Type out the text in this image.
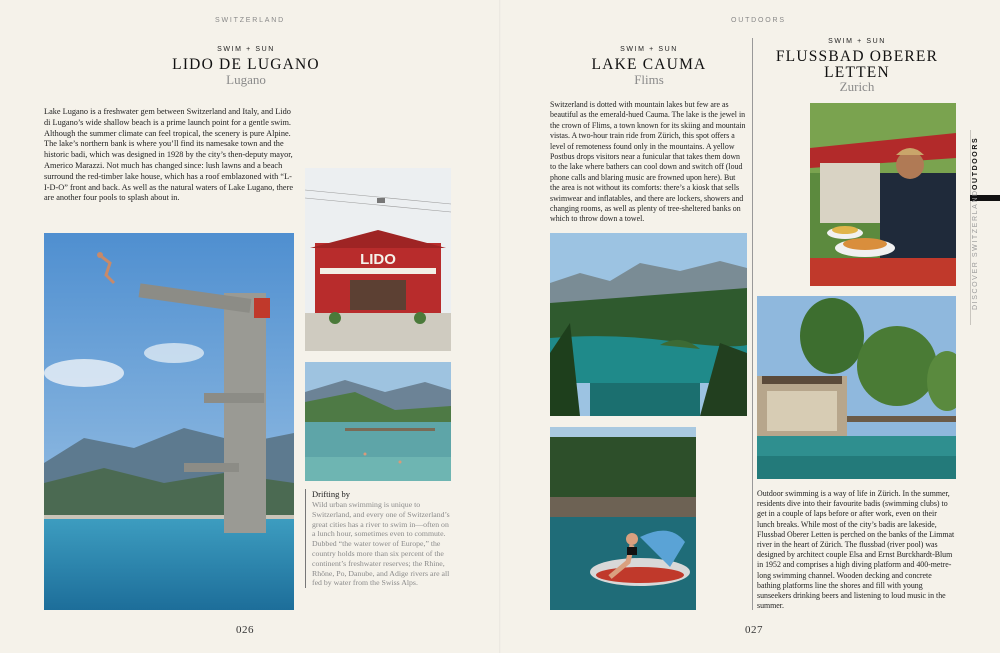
SWITZERLAND
SWIM + SUN
LIDO DE LUGANO
Lugano
Lake Lugano is a freshwater gem between Switzerland and Italy, and Lido di Lugano’s wide shallow beach is a prime launch point for a gentle swim. Although the summer climate can feel tropical, the scenery is pure Alpine. The lake’s northern bank is where you’ll find its namesake town and the historic badi, which was designed in 1928 by the city’s then-deputy mayor, Americo Marazzi. Not much has changed since: lush lawns and a beach surround the red-timber lake house, which has a roof emblazoned with “L-I-D-O” front and back. As well as the natural waters of Lake Lugano, there are another four pools to splash about in.
LIDO
Drifting by
Wild urban swimming is unique to Switzerland, and every one of Switzerland’s great cities has a river to swim in—often on a lunch hour, sometimes even to commute. Dubbed “the water tower of Europe,” the country holds more than six percent of the continent’s freshwater reserves; the Rhine, Rhône, Po, Danube, and Adige rivers are all fed by water from the Swiss Alps.
026
OUTDOORS
SWIM + SUN
LAKE CAUMA
Flims
Switzerland is dotted with mountain lakes but few are as beautiful as the emerald-hued Cauma. The lake is the jewel in the crown of Flims, a town known for its skiing and mountain vistas. A two-hour train ride from Zürich, this spot offers a level of remoteness found only in the mountains. A yellow Postbus drops visitors near a funicular that takes them down to the lake where bathers can cool down and switch off (loud phone calls and blaring music are frowned upon here). But the area is not without its comforts: there’s a kiosk that sells swimwear and inflatables, and there are lockers, showers and changing rooms, as well as plenty of tree-sheltered banks on which to throw down a towel.
SWIM + SUN
FLUSSBAD OBERER
LETTEN
Zurich
Outdoor swimming is a way of life in Zürich. In the summer, residents dive into their favourite badis (swimming clubs) to get in a couple of laps before or after work, even on their lunch breaks. While most of the city’s badis are lakeside, Flussbad Oberer Letten is perched on the banks of the Limmat river in the heart of Zürich. The flussbad (river pool) was designed by architect couple Elsa and Ernst Burckhardt-Blum in 1952 and comprises a high diving platform and 400-metre-long swimming channel. Wooden decking and concrete bathing platforms line the shores and fill with young sunseekers drinking beers and listening to loud music in the summer.
OUTDOORS
DISCOVER SWITZERLAND
027
